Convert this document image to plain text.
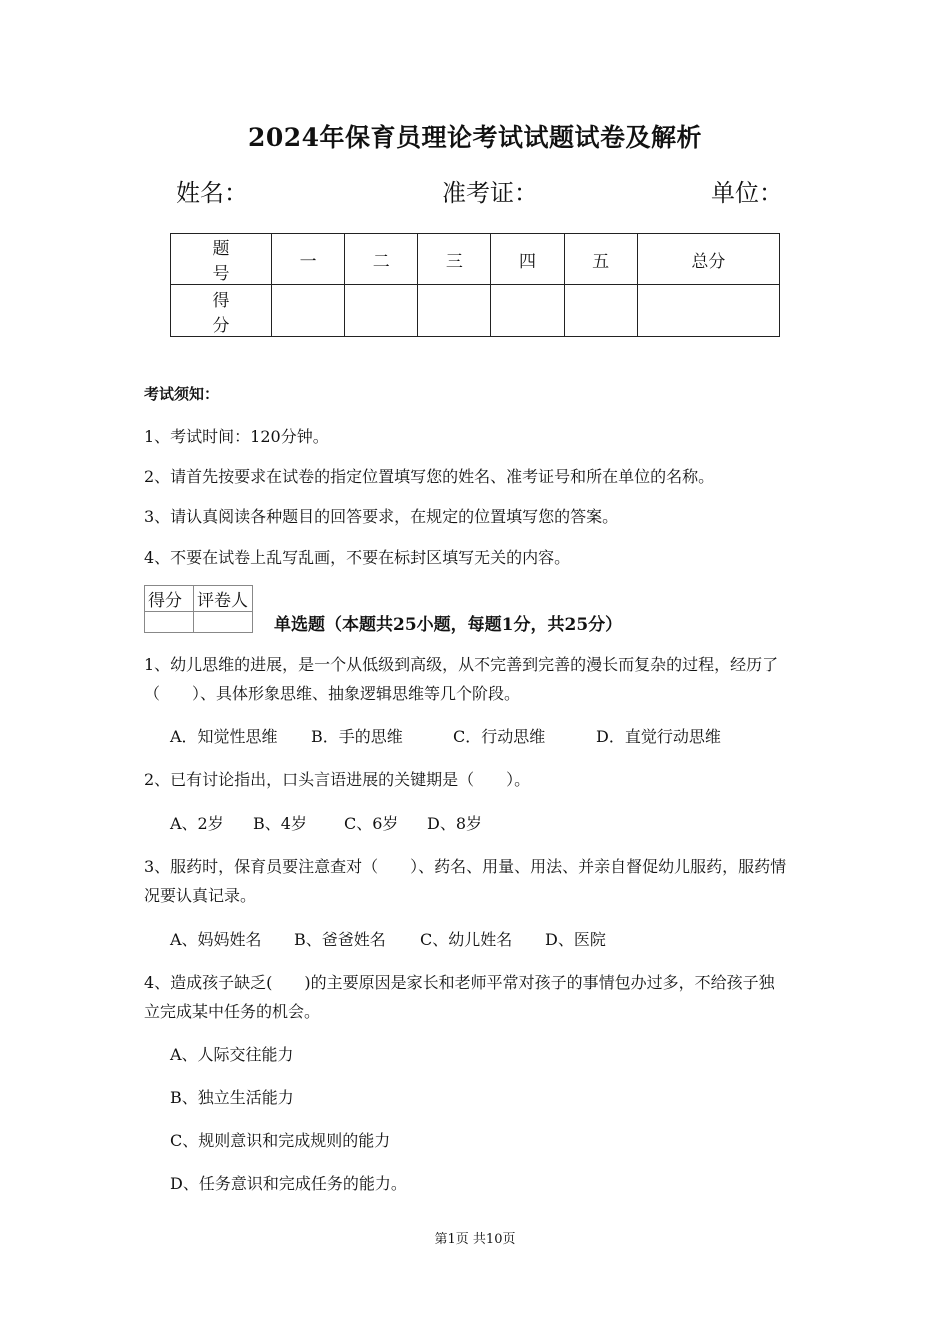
2024年保育员理论考试试题试卷及解析
姓名：	准考证：	单位：
题　号	一	二	三	四	五	总分
得　分						
考试须知：
1、考试时间：120分钟。
2、请首先按要求在试卷的指定位置填写您的姓名、准考证号和所在单位的名称。
3、请认真阅读各种题目的回答要求，在规定的位置填写您的答案。
4、不要在试卷上乱写乱画，不要在标封区填写无关的内容。
得分	评卷人

单选题（本题共25小题，每题1分，共25分）
1、幼儿思维的进展，是一个从低级到高级，从不完善到完善的漫长而复杂的过程，经历了
（　　）、具体形象思维、抽象逻辑思维等几个阶段。
A．知觉性思维 B．手的思维	C．行动思维	D．直觉行动思维
2、已有讨论指出，口头言语进展的关键期是（　　）。
A、2岁 B、4岁 C、6岁 D、8岁
3、服药时，保育员要注意查对（　　）、药名、用量、用法、并亲自督促幼儿服药，服药情
况要认真记录。
A、妈妈姓名 B、爸爸姓名 C、幼儿姓名 D、医院
4、造成孩子缺乏(　　)的主要原因是家长和老师平常对孩子的事情包办过多，不给孩子独
立完成某中任务的机会。
A、人际交往能力
B、独立生活能力
C、规则意识和完成规则的能力
D、任务意识和完成任务的能力。
第1页 共10页
